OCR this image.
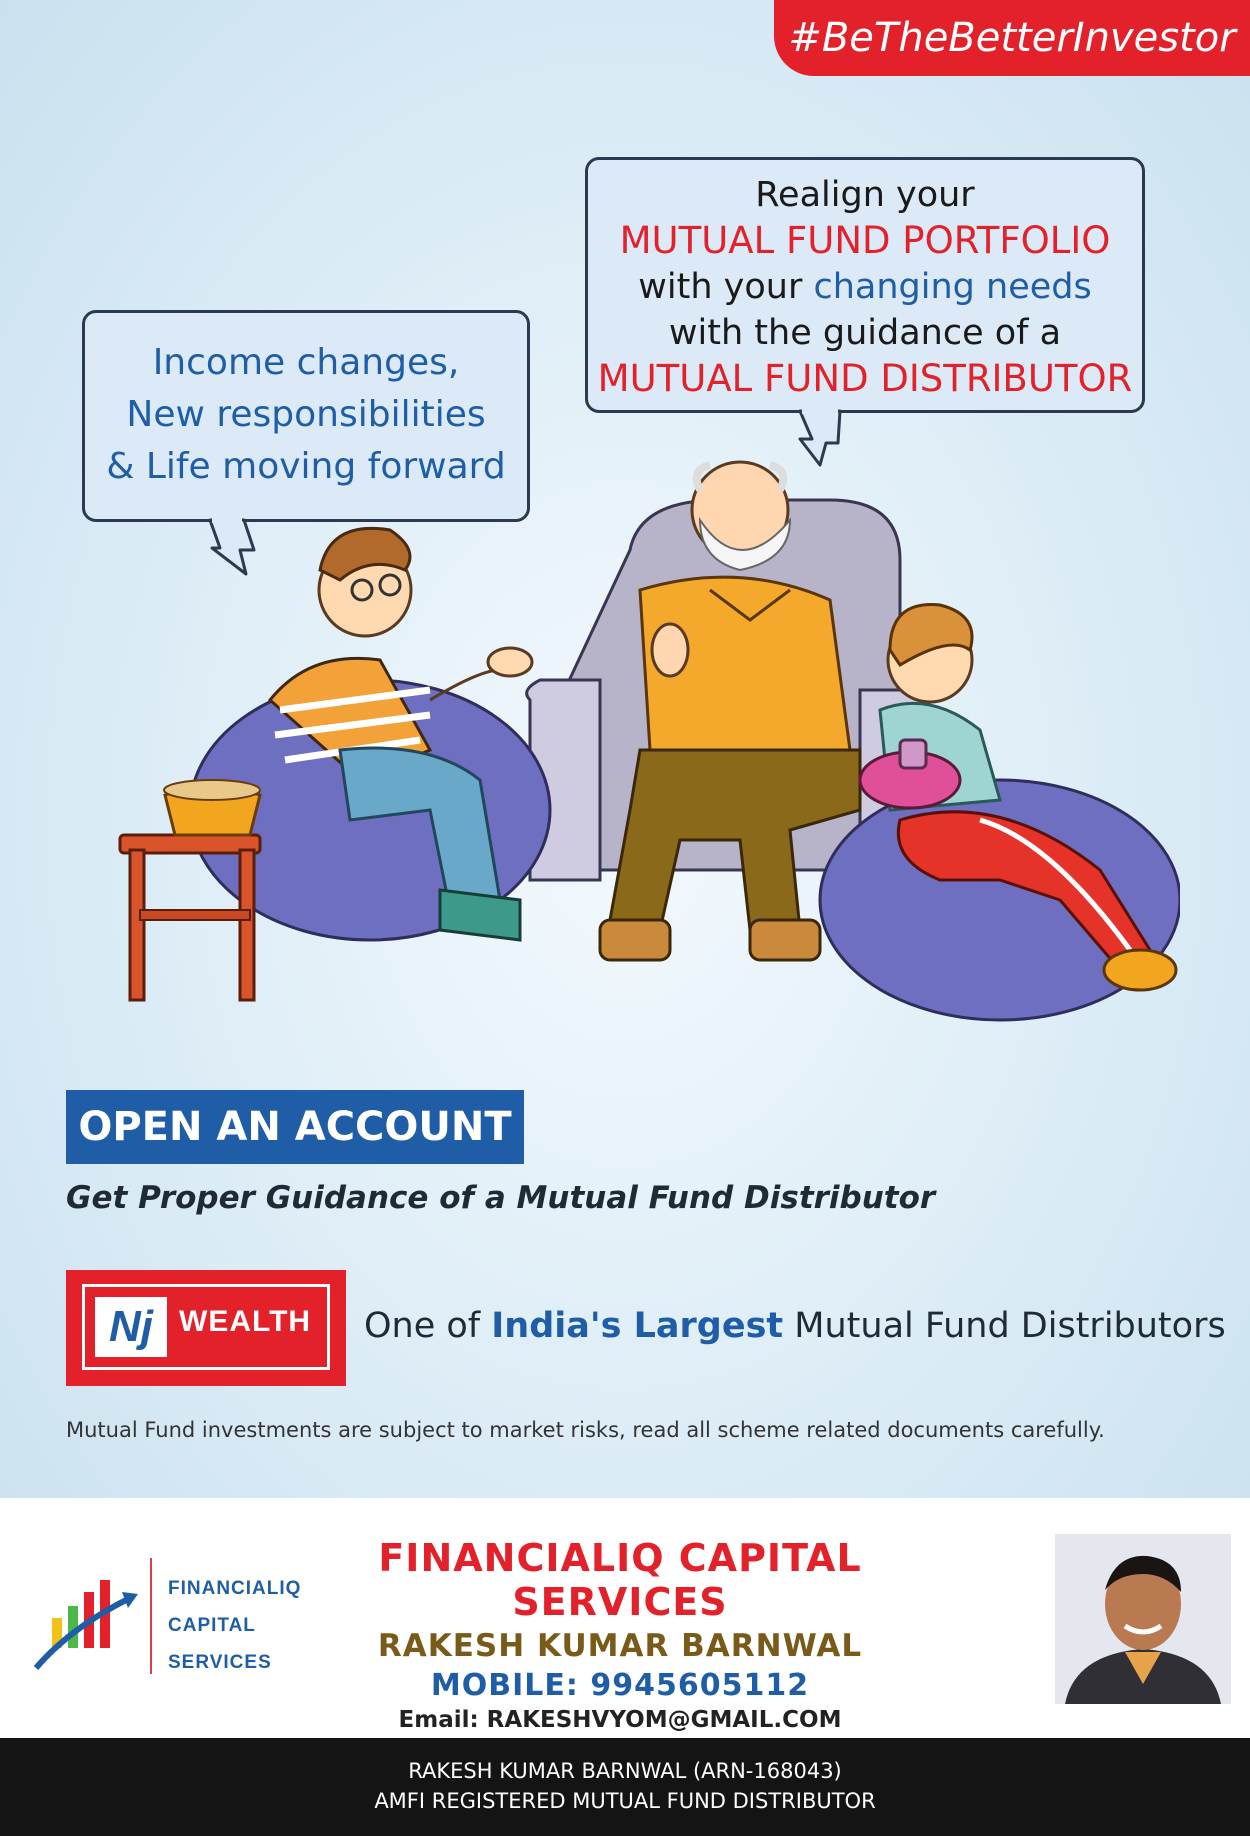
#BeTheBetterInvestor
Income changes,
New responsibilities
& Life moving forward
Realign your
MUTUAL FUND PORTFOLIO
with your changing needs
with the guidance of a
MUTUAL FUND DISTRIBUTOR
OPEN AN ACCOUNT
Get Proper Guidance of a Mutual Fund Distributor
Nj WEALTH One of India's Largest Mutual Fund Distributors
Mutual Fund investments are subject to market risks, read all scheme related documents carefully.
FINANCIALIQ
CAPITAL
SERVICES
FINANCIALIQ CAPITAL SERVICES
RAKESH KUMAR BARNWAL
MOBILE: 9945605112
Email: RAKESHVYOM@GMAIL.COM
RAKESH KUMAR BARNWAL (ARN-168043)
AMFI REGISTERED MUTUAL FUND DISTRIBUTOR
